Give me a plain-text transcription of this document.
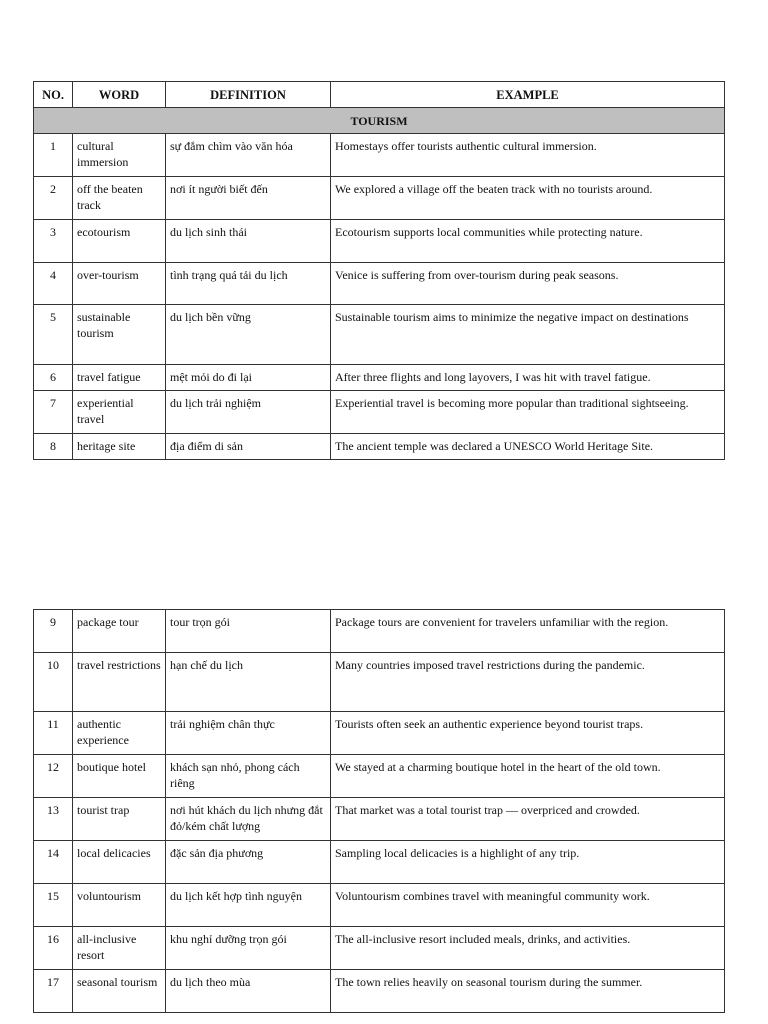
NO.	WORD	DEFINITION	EXAMPLE
TOURISM			
1	cultural immersion	sự đắm chìm vào văn hóa	Homestays offer tourists authentic cultural immersion.
2	off the beaten track	nơi ít người biết đến	We explored a village off the beaten track with no tourists around.
3	ecotourism	du lịch sinh thái	Ecotourism supports local communities while protecting nature.
4	over-tourism	tình trạng quá tải du lịch	Venice is suffering from over-tourism during peak seasons.
5	sustainable tourism	du lịch bền vững	Sustainable tourism aims to minimize the negative impact on destinations
6	travel fatigue	mệt mỏi do đi lại	After three flights and long layovers, I was hit with travel fatigue.
7	experiential travel	du lịch trải nghiệm	Experiential travel is becoming more popular than traditional sightseeing.
8	heritage site	địa điểm di sản	The ancient temple was declared a UNESCO World Heritage Site.
9	package tour	tour trọn gói	Package tours are convenient for travelers unfamiliar with the region.
10	travel restrictions	hạn chế du lịch	Many countries imposed travel restrictions during the pandemic.
11	authentic experience	trải nghiệm chân thực	Tourists often seek an authentic experience beyond tourist traps.
12	boutique hotel	khách sạn nhỏ, phong cách riêng	We stayed at a charming boutique hotel in the heart of the old town.
13	tourist trap	nơi hút khách du lịch nhưng đắt đỏ/kém chất lượng	That market was a total tourist trap — overpriced and crowded.
14	local delicacies	đặc sản địa phương	Sampling local delicacies is a highlight of any trip.
15	voluntourism	du lịch kết hợp tình nguyện	Voluntourism combines travel with meaningful community work.
16	all-inclusive resort	khu nghỉ dưỡng trọn gói	The all-inclusive resort included meals, drinks, and activities.
17	seasonal tourism	du lịch theo mùa	The town relies heavily on seasonal tourism during the summer.
